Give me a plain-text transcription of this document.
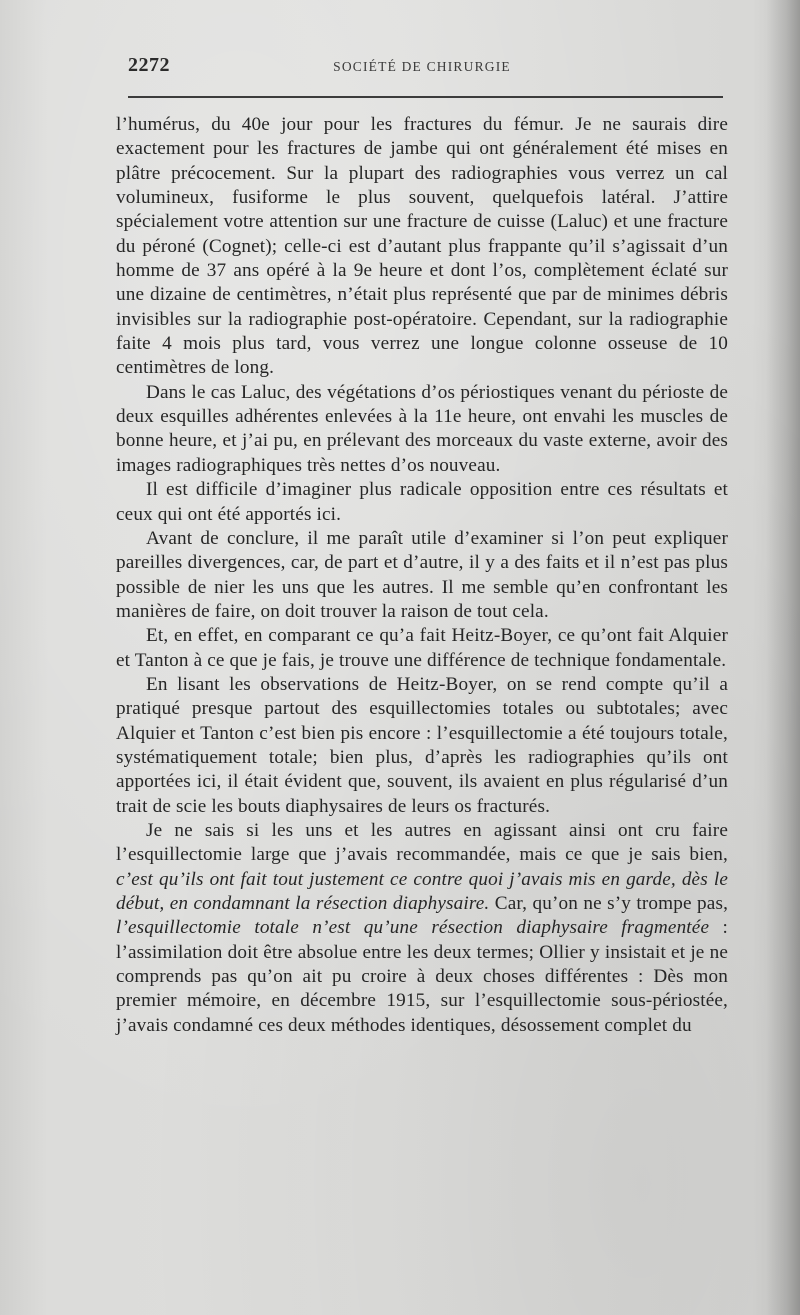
2272	SOCIÉTÉ DE CHIRURGIE

l’humérus, du 40e jour pour les fractures du fémur. Je ne saurais dire exactement pour les fractures de jambe qui ont généralement été mises en plâtre précocement. Sur la plupart des radiographies vous verrez un cal volumineux, fusiforme le plus souvent, quelquefois latéral. J’attire spécialement votre attention sur une fracture de cuisse (Laluc) et une fracture du péroné (Cognet); celle-ci est d’autant plus frappante qu’il s’agissait d’un homme de 37 ans opéré à la 9e heure et dont l’os, complètement éclaté sur une dizaine de centimètres, n’était plus représenté que par de minimes débris invisibles sur la radiographie post-opératoire. Cependant, sur la radiographie faite 4 mois plus tard, vous verrez une longue colonne osseuse de 10 centimètres de long.

Dans le cas Laluc, des végétations d’os périostiques venant du périoste de deux esquilles adhérentes enlevées à la 11e heure, ont envahi les muscles de bonne heure, et j’ai pu, en prélevant des morceaux du vaste externe, avoir des images radiographiques très nettes d’os nouveau.

Il est difficile d’imaginer plus radicale opposition entre ces résultats et ceux qui ont été apportés ici.

Avant de conclure, il me paraît utile d’examiner si l’on peut expliquer pareilles divergences, car, de part et d’autre, il y a des faits et il n’est pas plus possible de nier les uns que les autres. Il me semble qu’en confrontant les manières de faire, on doit trouver la raison de tout cela.

Et, en effet, en comparant ce qu’a fait Heitz-Boyer, ce qu’ont fait Alquier et Tanton à ce que je fais, je trouve une différence de technique fondamentale.

En lisant les observations de Heitz-Boyer, on se rend compte qu’il a pratiqué presque partout des esquillectomies totales ou subtotales; avec Alquier et Tanton c’est bien pis encore : l’esquillectomie a été toujours totale, systématiquement totale; bien plus, d’après les radiographies qu’ils ont apportées ici, il était évident que, souvent, ils avaient en plus régularisé d’un trait de scie les bouts diaphysaires de leurs os fracturés.

Je ne sais si les uns et les autres en agissant ainsi ont cru faire l’esquillectomie large que j’avais recommandée, mais ce que je sais bien, c’est qu’ils ont fait tout justement ce contre quoi j’avais mis en garde, dès le début, en condamnant la résection diaphysaire. Car, qu’on ne s’y trompe pas, l’esquillectomie totale n’est qu’une résection diaphysaire fragmentée : l’assimilation doit être absolue entre les deux termes; Ollier y insistait et je ne comprends pas qu’on ait pu croire à deux choses différentes : Dès mon premier mémoire, en décembre 1915, sur l’esquillectomie sous-périostée, j’avais condamné ces deux méthodes identiques, désossement complet du
